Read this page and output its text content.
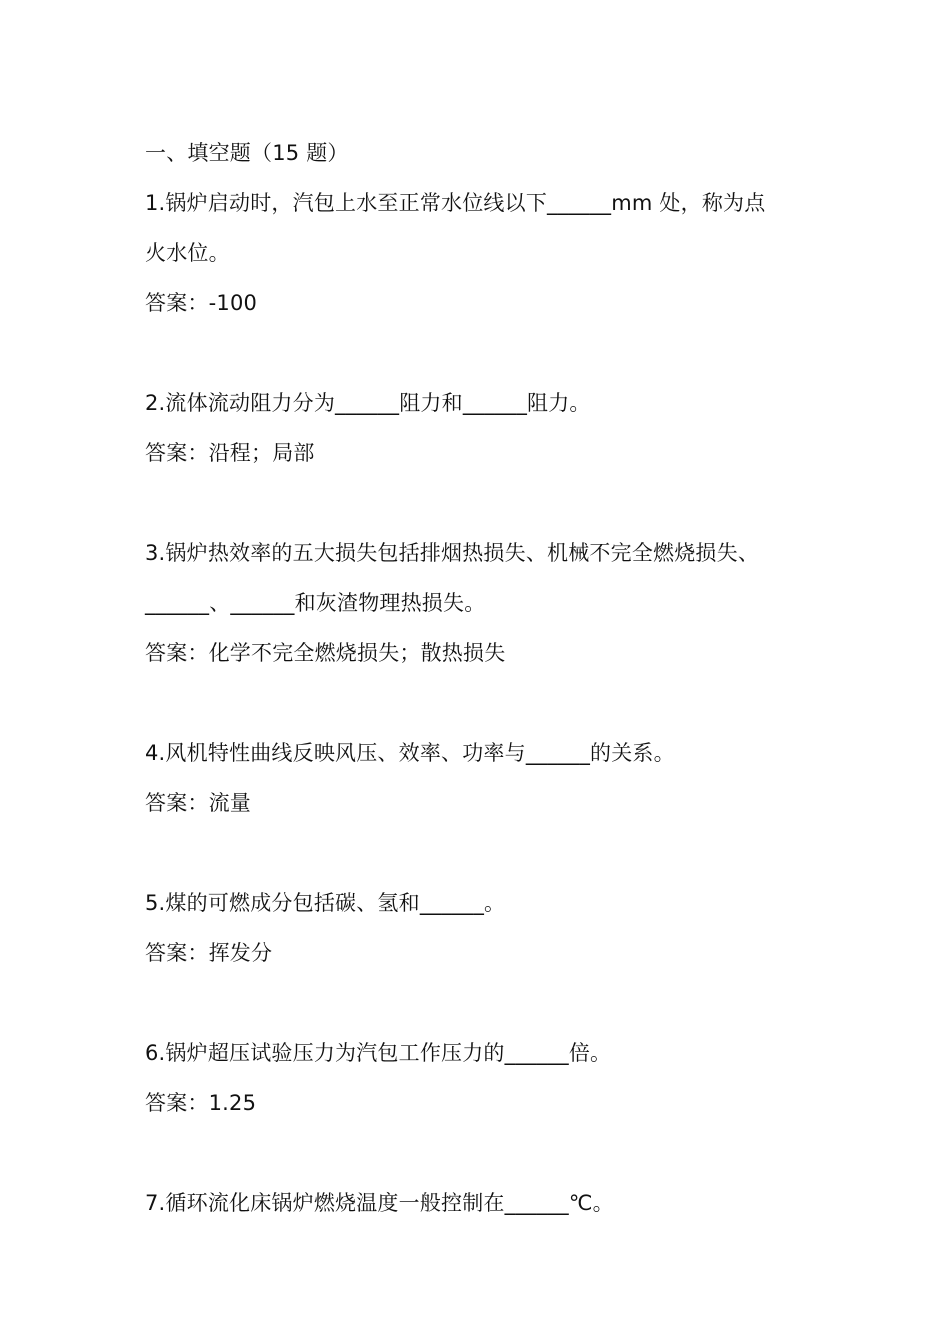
一、填空题（15 题）
1.锅炉启动时，汽包上水至正常水位线以下______mm 处，称为点
火水位。
答案：-100
2.流体流动阻力分为______阻力和______阻力。
答案：沿程；局部
3.锅炉热效率的五大损失包括排烟热损失、机械不完全燃烧损失、
______、______和灰渣物理热损失。
答案：化学不完全燃烧损失；散热损失
4.风机特性曲线反映风压、效率、功率与______的关系。
答案：流量
5.煤的可燃成分包括碳、氢和______。
答案：挥发分
6.锅炉超压试验压力为汽包工作压力的______倍。
答案：1.25
7.循环流化床锅炉燃烧温度一般控制在______℃。
